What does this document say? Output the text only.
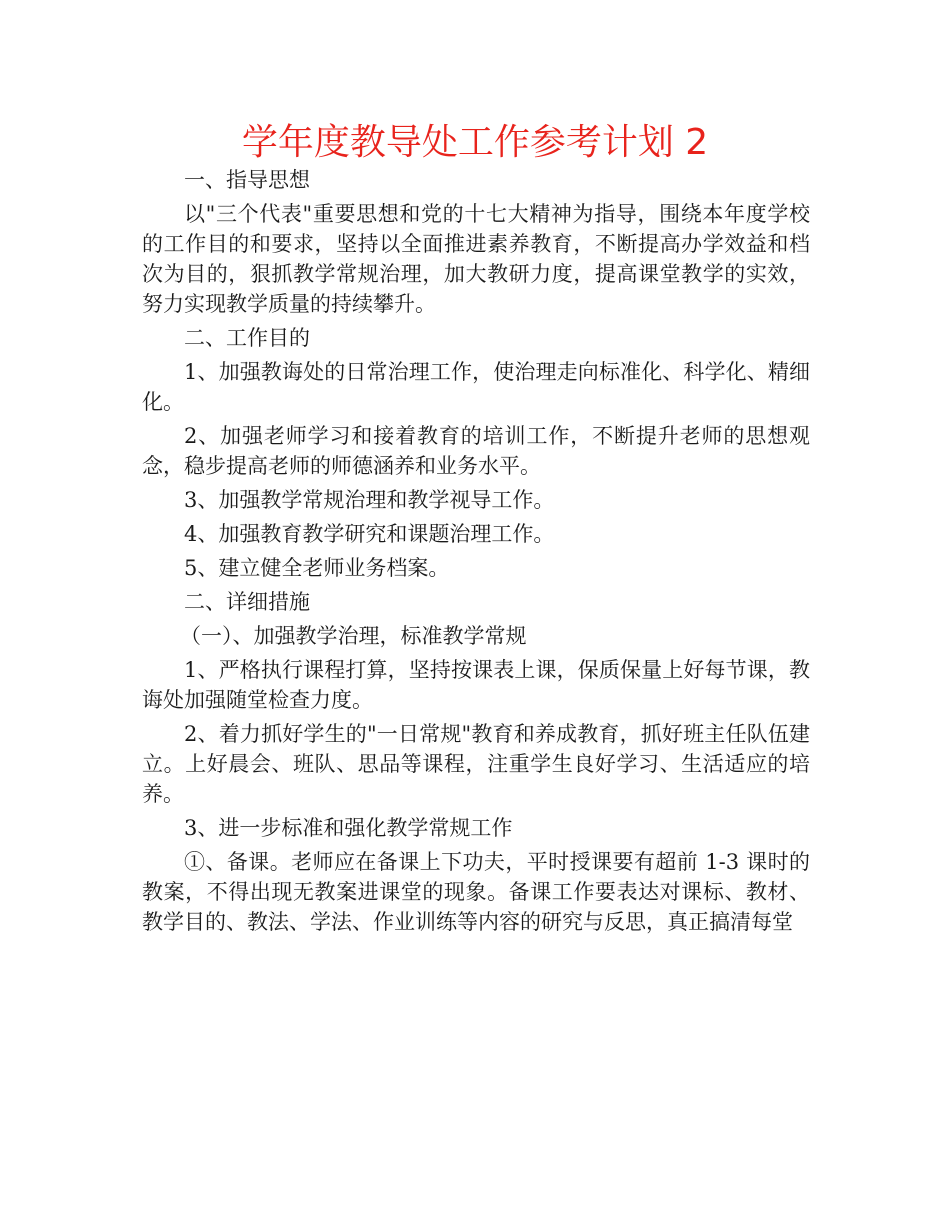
学年度教导处工作参考计划 2

一、指导思想

以"三个代表"重要思想和党的十七大精神为指导，围绕本年度学校的工作目的和要求，坚持以全面推进素养教育，不断提高办学效益和档次为目的，狠抓教学常规治理，加大教研力度，提高课堂教学的实效，努力实现教学质量的持续攀升。

二、工作目的

1、加强教诲处的日常治理工作，使治理走向标准化、科学化、精细化。

2、加强老师学习和接着教育的培训工作，不断提升老师的思想观念，稳步提高老师的师德涵养和业务水平。

3、加强教学常规治理和教学视导工作。

4、加强教育教学研究和课题治理工作。

5、建立健全老师业务档案。

二、详细措施

（一）、加强教学治理，标准教学常规

1、严格执行课程打算，坚持按课表上课，保质保量上好每节课，教诲处加强随堂检查力度。

2、着力抓好学生的"一日常规"教育和养成教育，抓好班主任队伍建立。上好晨会、班队、思品等课程，注重学生良好学习、生活适应的培养。

3、进一步标准和强化教学常规工作

①、备课。老师应在备课上下功夫，平时授课要有超前 1-3 课时的教案，不得出现无教案进课堂的现象。备课工作要表达对课标、教材、教学目的、教法、学法、作业训练等内容的研究与反思，真正搞清每堂
